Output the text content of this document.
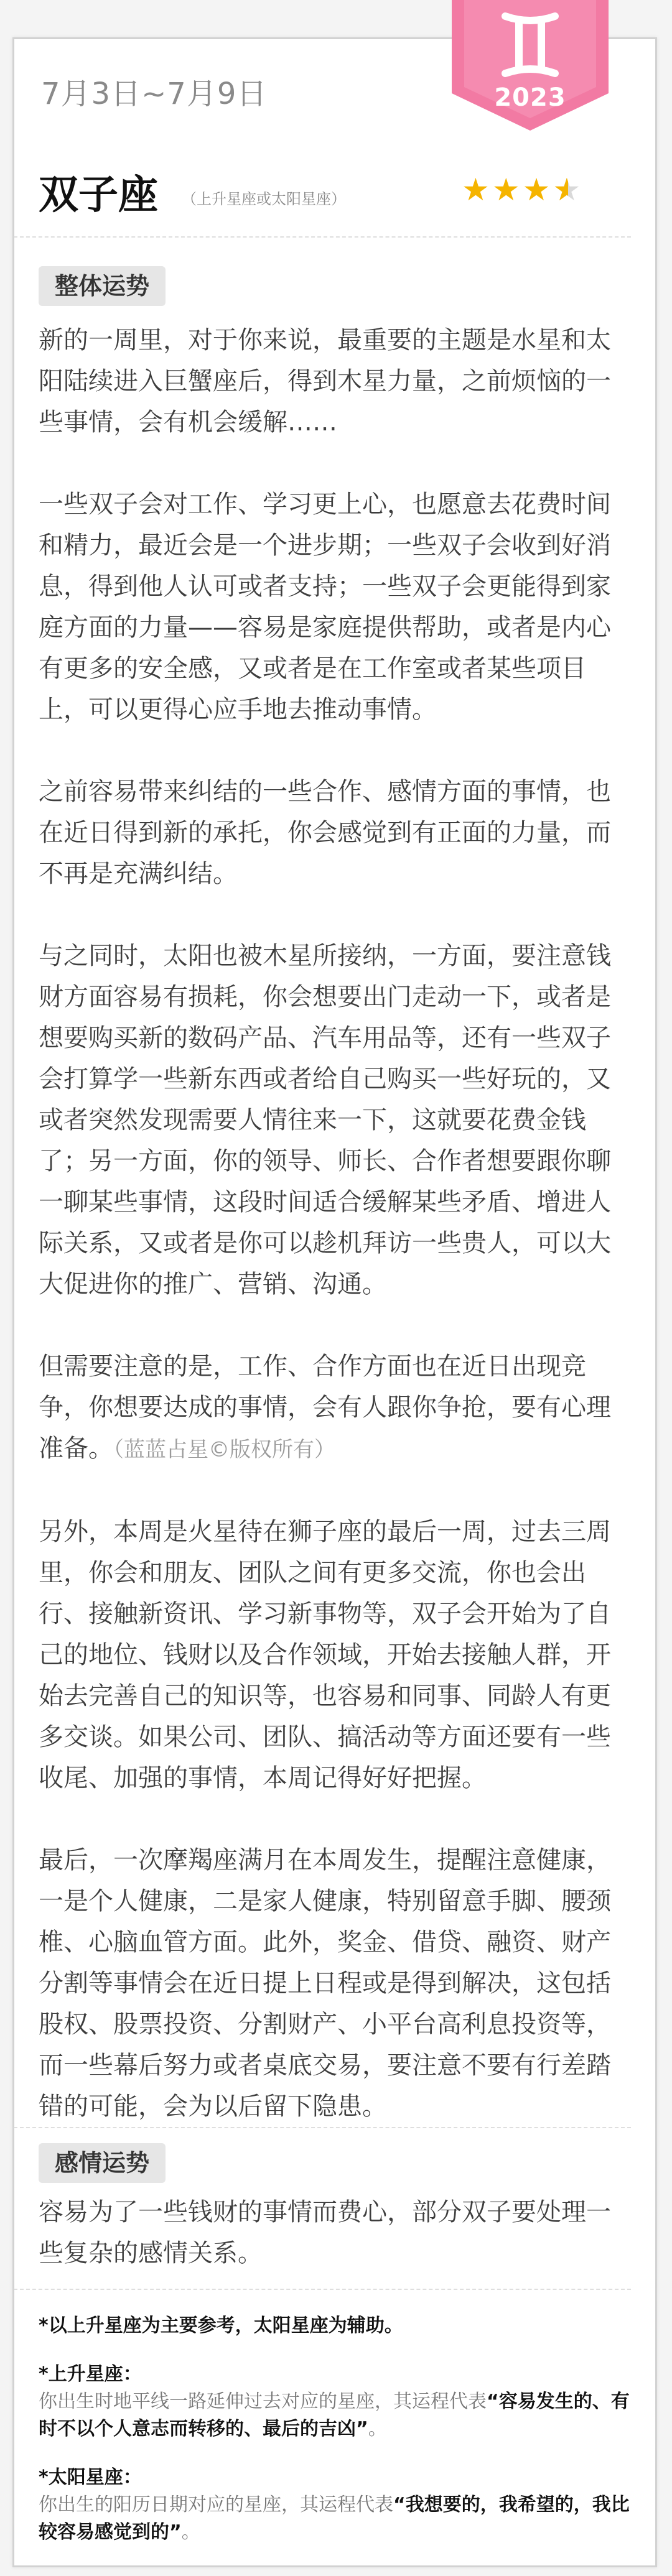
2023
7月3日~7月9日
双子座 （上升星座或太阳星座）	★★★★ ★
整体运势

新的一周里，对于你来说，最重要的主题是水星和太阳陆续进入巨蟹座后，得到木星力量，之前烦恼的一些事情，会有机会缓解……

一些双子会对工作、学习更上心，也愿意去花费时间和精力，最近会是一个进步期；一些双子会收到好消息，得到他人认可或者支持；一些双子会更能得到家庭方面的力量——容易是家庭提供帮助，或者是内心有更多的安全感，又或者是在工作室或者某些项目上，可以更得心应手地去推动事情。

之前容易带来纠结的一些合作、感情方面的事情，也在近日得到新的承托，你会感觉到有正面的力量，而不再是充满纠结。

与之同时，太阳也被木星所接纳，一方面，要注意钱财方面容易有损耗，你会想要出门走动一下，或者是想要购买新的数码产品、汽车用品等，还有一些双子会打算学一些新东西或者给自己购买一些好玩的，又或者突然发现需要人情往来一下，这就要花费金钱了；另一方面，你的领导、师长、合作者想要跟你聊一聊某些事情，这段时间适合缓解某些矛盾、增进人际关系，又或者是你可以趁机拜访一些贵人，可以大大促进你的推广、营销、沟通。

但需要注意的是，工作、合作方面也在近日出现竞争，你想要达成的事情，会有人跟你争抢，要有心理准备。（蓝蓝占星©版权所有）

另外，本周是火星待在狮子座的最后一周，过去三周里，你会和朋友、团队之间有更多交流，你也会出行、接触新资讯、学习新事物等，双子会开始为了自己的地位、钱财以及合作领域，开始去接触人群，开始去完善自己的知识等，也容易和同事、同龄人有更多交谈。如果公司、团队、搞活动等方面还要有一些收尾、加强的事情，本周记得好好把握。

最后，一次摩羯座满月在本周发生，提醒注意健康，一是个人健康，二是家人健康，特别留意手脚、腰颈椎、心脑血管方面。此外，奖金、借贷、融资、财产分割等事情会在近日提上日程或是得到解决，这包括股权、股票投资、分割财产、小平台高利息投资等，而一些幕后努力或者桌底交易，要注意不要有行差踏错的可能，会为以后留下隐患。

感情运势

容易为了一些钱财的事情而费心，部分双子要处理一些复杂的感情关系。

*以上升星座为主要参考，太阳星座为辅助。
*上升星座：
你出生时地平线一路延伸过去对应的星座，其运程代表“容易发生的、有时不以个人意志而转移的、最后的吉凶”。
*太阳星座：
你出生的阳历日期对应的星座，其运程代表“我想要的，我希望的，我比较容易感觉到的”。
